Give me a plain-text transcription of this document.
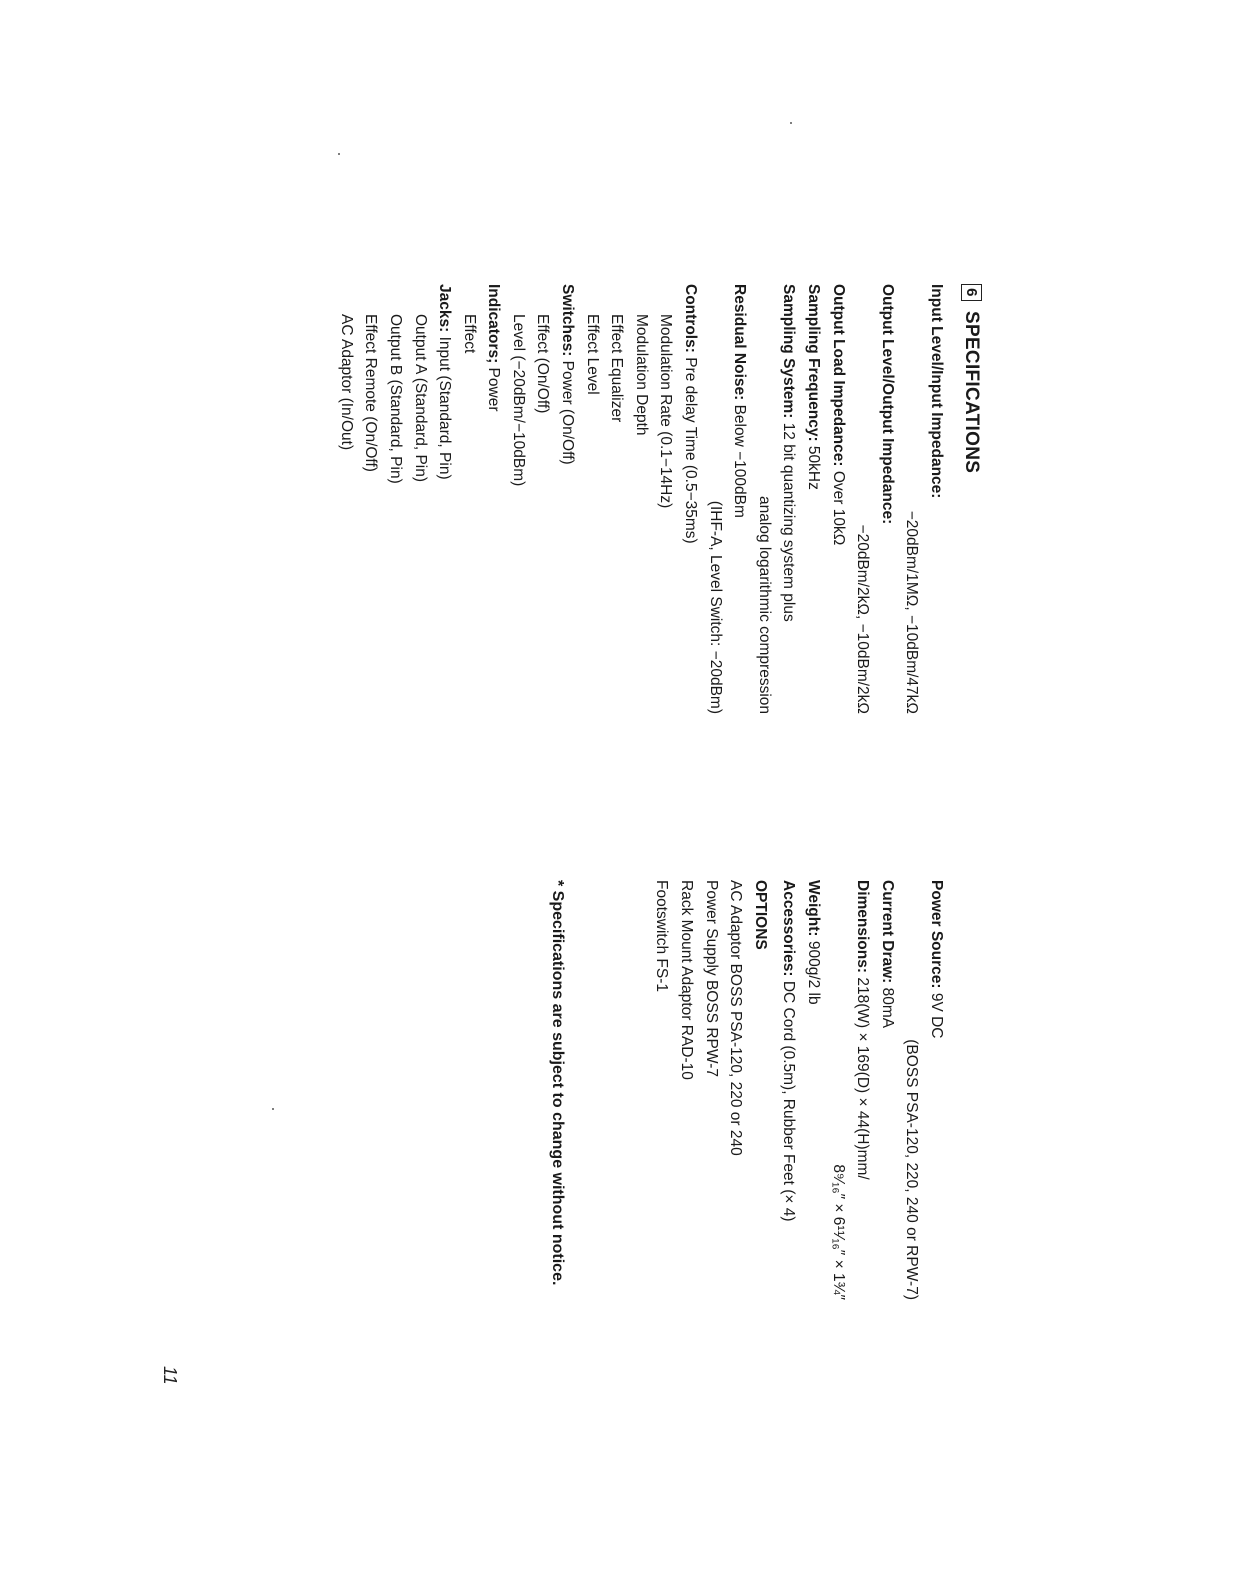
6SPECIFICATIONS
Input Level/Input Impedance:
−20dBm/1MΩ, −10dBm/47kΩ
Output Level/Output Impedance:
−20dBm/2kΩ, −10dBm/2kΩ
Output Load Impedance: Over 10kΩ
Sampling Frequency: 50kHz
Sampling System: 12 bit quantizing system plus
analog logarithmic compression
Residual Noise: Below −100dBm
(IHF-A, Level Switch: −20dBm)
Controls: Pre delay Time (0.5−35ms)
Modulation Rate (0.1−14Hz)
Modulation Depth
Effect Equalizer
Effect Level
Switches: Power (On/Off)
Effect (On/Off)
Level (−20dBm/−10dBm)
Indicators; Power
Effect
Jacks: Input (Standard, Pin)
Output A (Standard, Pin)
Output B (Standard, Pin)
Effect Remote (On/Off)
AC Adaptor (In/Out)
Power Source: 9V DC
(BOSS PSA-120, 220, 240 or RPW-7)
Current Draw: 80mA
Dimensions: 218(W) × 169(D) × 44(H)mm/
8⁹⁄₁₆″ × 6¹¹⁄₁₆″ × 1¾″
Weight: 900g/2 lb
Accessories: DC Cord (0.5m), Rubber Feet (× 4)
OPTIONS
AC Adaptor BOSS PSA-120, 220 or 240
Power Supply BOSS RPW-7
Rack Mount Adaptor RAD-10
Footswitch FS-1
* Specifications are subject to change without notice.
11
